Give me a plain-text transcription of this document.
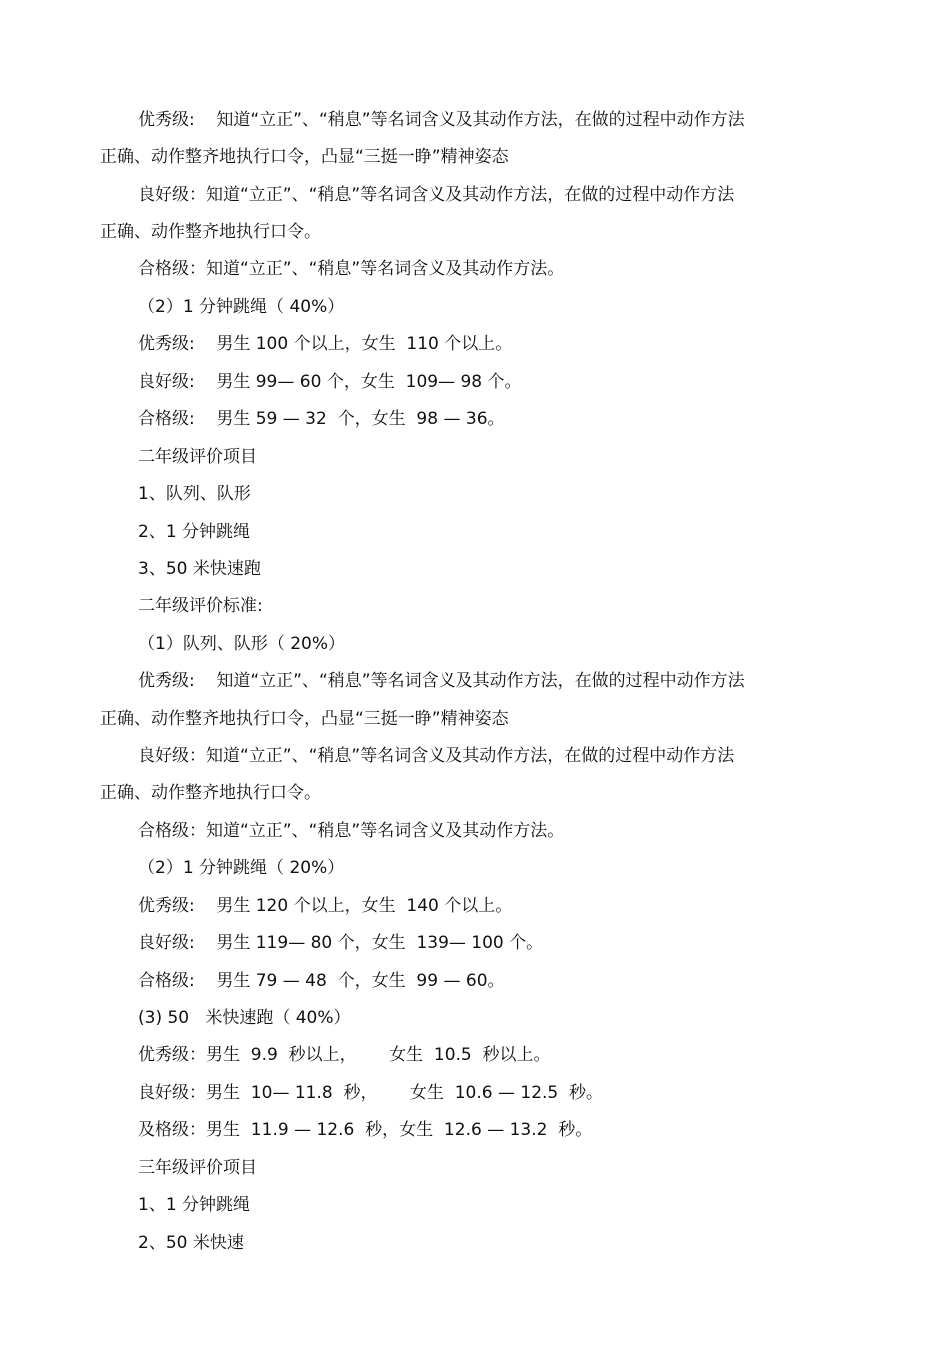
优秀级:    知道“立正”、“稍息”等名词含义及其动作方法，在做的过程中动作方法
正确、动作整齐地执行口令，凸显“三挺一睁”精神姿态
良好级：知道“立正”、“稍息”等名词含义及其动作方法，在做的过程中动作方法
正确、动作整齐地执行口令。
合格级：知道“立正”、“稍息”等名词含义及其动作方法。
（2）1 分钟跳绳（ 40%）
优秀级:    男生 100 个以上，女生  110 个以上。
良好级:    男生 99— 60 个，女生  109— 98 个。
合格级:    男生 59 — 32  个，女生  98 — 36。
二年级评价项目
1、队列、队形
2、1 分钟跳绳
3、50 米快速跑
二年级评价标准:
（1）队列、队形（ 20%）
优秀级:    知道“立正”、“稍息”等名词含义及其动作方法，在做的过程中动作方法
正确、动作整齐地执行口令，凸显“三挺一睁”精神姿态
良好级：知道“立正”、“稍息”等名词含义及其动作方法，在做的过程中动作方法
正确、动作整齐地执行口令。
合格级：知道“立正”、“稍息”等名词含义及其动作方法。
（2）1 分钟跳绳（ 20%）
优秀级:    男生 120 个以上，女生  140 个以上。
良好级:    男生 119— 80 个，女生  139— 100 个。
合格级:    男生 79 — 48  个，女生  99 — 60。
(3) 50   米快速跑（ 40%）
优秀级：男生  9.9  秒以上，      女生  10.5  秒以上。
良好级：男生  10— 11.8  秒，      女生  10.6 — 12.5  秒。
及格级：男生  11.9 — 12.6  秒，女生  12.6 — 13.2  秒。
三年级评价项目
1、1 分钟跳绳
2、50 米快速
